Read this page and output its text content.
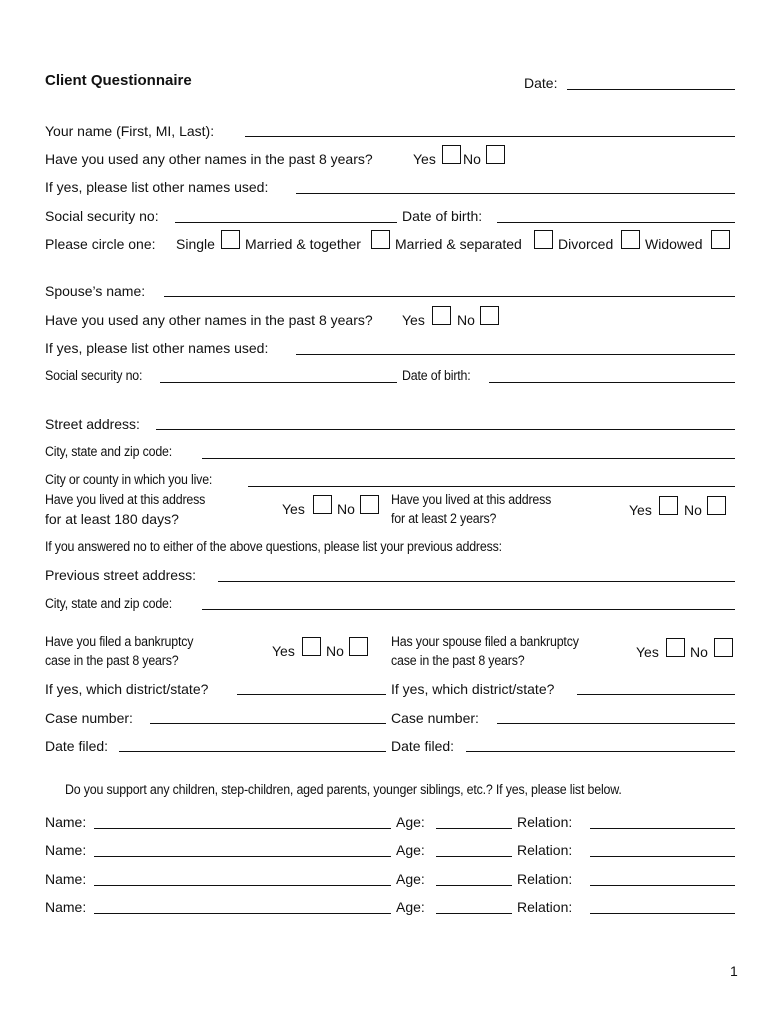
Client Questionnaire	Date:
Your name (First, MI, Last):
Have you used any other names in the past 8 years?	Yes No
If yes, please list other names used:
Social security no:	Date of birth:
Please circle one: Single Married & together Married & separated	Divorced Widowed
Spouse’s name:
Have you used any other names in the past 8 years? Yes No
If yes, please list other names used:
Social security no:	Date of birth:
Street address:
City, state and zip code:
City or county in which you live:
Have you lived at this address
for at least 180 days?
Yes No
Have you lived at this address
for at least 2 years?
Yes No
If you answered no to either of the above questions, please list your previous address:
Previous street address:
City, state and zip code:
Have you filed a bankruptcy
case in the past 8 years?
Yes No
Has your spouse filed a bankruptcy
case in the past 8 years?
Yes No
If yes, which district/state?	If yes, which district/state?
Case number:	Case number:
Date filed:	Date filed:
Do you support any children, step-children, aged parents, younger siblings, etc.? If yes, please list below.
Name:	Age:	Relation:
Name:	Age:	Relation:
Name:	Age:	Relation:
Name:	Age:	Relation:
1
